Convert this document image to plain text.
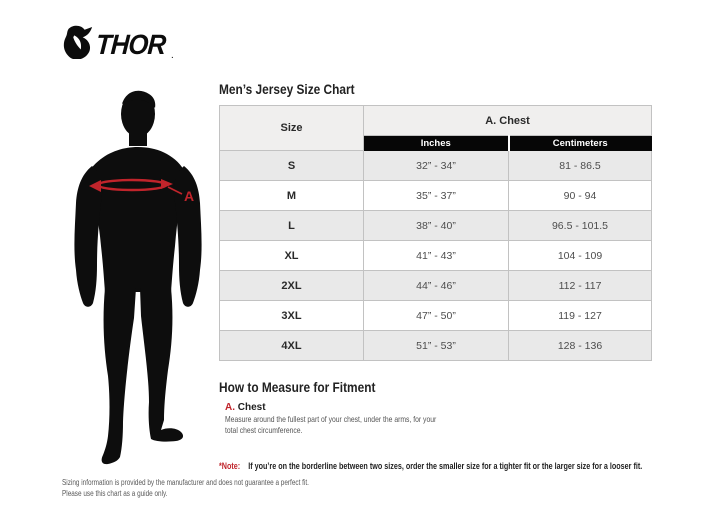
THOR .
A
Men’s Jersey Size Chart
Size	A. Chest	
	Inches	Centimeters
S	32” - 34”	81 - 86.5
M	35” - 37”	90 - 94
L	38” - 40”	96.5 - 101.5
XL	41” - 43”	104 - 109
2XL	44” - 46”	112 - 117
3XL	47” - 50”	119 - 127
4XL	51” - 53”	128 - 136
How to Measure for Fitment
A. Chest
Measure around the fullest part of your chest, under the arms, for your
total chest circumference.
*Note: If you’re on the borderline between two sizes, order the smaller size for a tighter fit or the larger size for a looser fit.
Sizing information is provided by the manufacturer and does not guarantee a perfect fit.
Please use this chart as a guide only.
